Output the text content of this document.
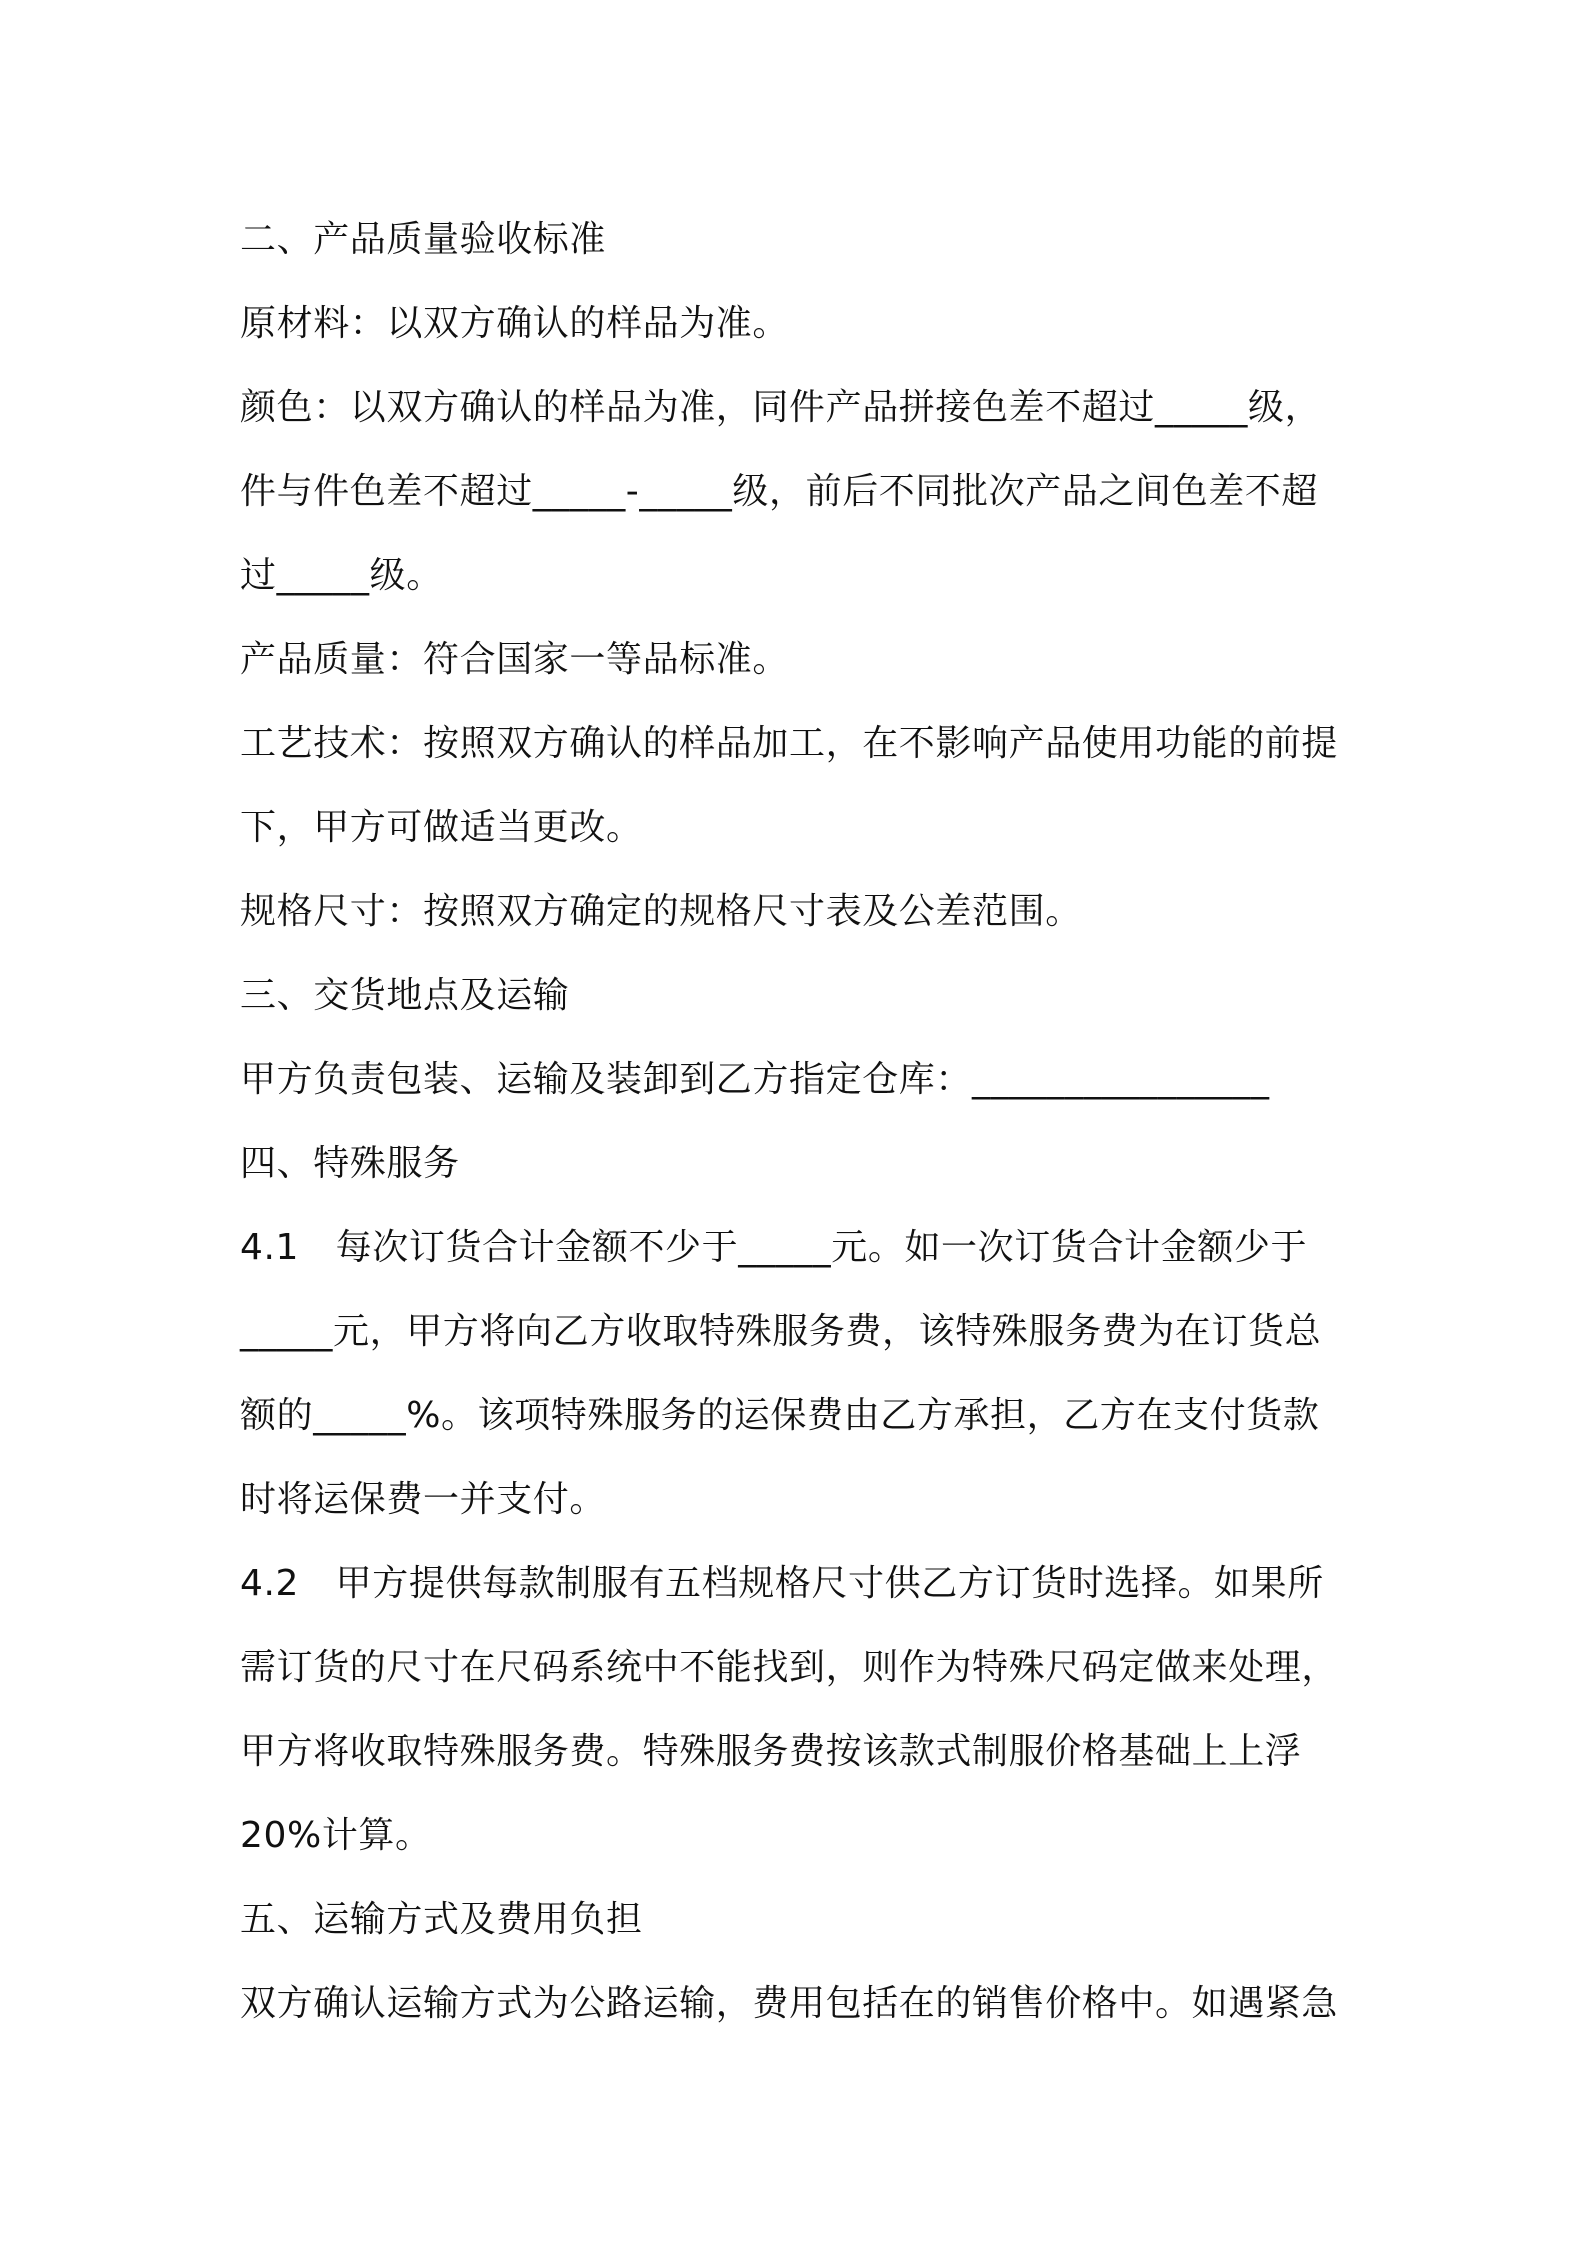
二、产品质量验收标准
原材料：以双方确认的样品为准。
颜色：以双方确认的样品为准，同件产品拼接色差不超过_____级，
件与件色差不超过_____-_____级，前后不同批次产品之间色差不超
过_____级。
产品质量：符合国家一等品标准。
工艺技术：按照双方确认的样品加工，在不影响产品使用功能的前提
下，甲方可做适当更改。
规格尺寸：按照双方确定的规格尺寸表及公差范围。
三、交货地点及运输
甲方负责包装、运输及装卸到乙方指定仓库：________________
四、特殊服务
4.1　每次订货合计金额不少于_____元。如一次订货合计金额少于
_____元，甲方将向乙方收取特殊服务费，该特殊服务费为在订货总
额的_____%。该项特殊服务的运保费由乙方承担，乙方在支付货款
时将运保费一并支付。
4.2　甲方提供每款制服有五档规格尺寸供乙方订货时选择。如果所
需订货的尺寸在尺码系统中不能找到，则作为特殊尺码定做来处理，
甲方将收取特殊服务费。特殊服务费按该款式制服价格基础上上浮
20%计算。
五、运输方式及费用负担
双方确认运输方式为公路运输，费用包括在的销售价格中。如遇紧急
